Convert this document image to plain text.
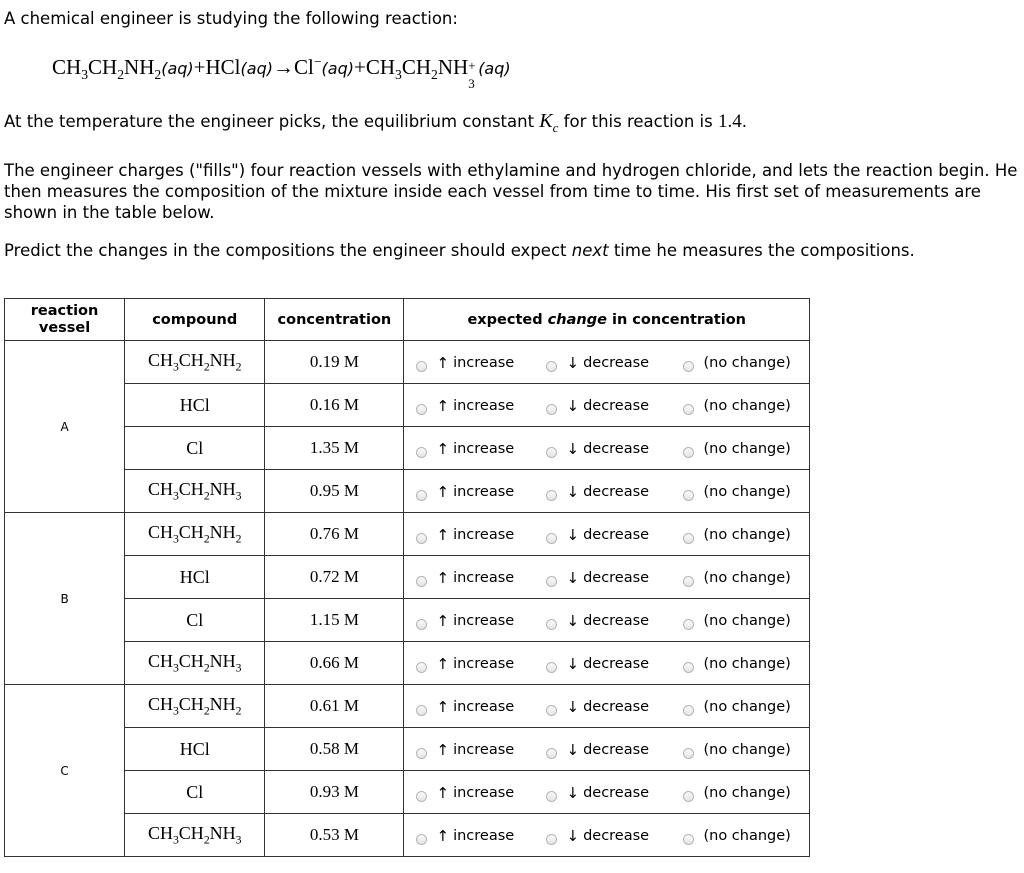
A chemical engineer is studying the following reaction:

$CH_3CH_2NH_2(aq)+HCl(aq)\to Cl^-(aq)+CH_3CH_2NH$ +
3
(aq)

At the temperature the engineer picks, the equilibrium constant $K_c$ for this reaction is 1.4.

The engineer charges ("fills") four reaction vessels with ethylamine and hydrogen chloride, and lets the reaction begin. He then measures the composition of the mixture inside each vessel from time to time. His first set of measurements are shown in the table below.

Predict the changes in the compositions the engineer should expect next time he measures the compositions.

reaction vessel	compound	concentration	expected change in concentration
A	$CH_3CH_2NH_2$	0.19 M	↑ increase ↓ decrease (no change)

	HCl	0.16 M	↑ increase ↓ decrease (no change)

	Cl	1.35 M	↑ increase ↓ decrease (no change)

	$CH_3CH_2NH_3$	0.95 M	↑ increase ↓ decrease (no change)

B	$CH_3CH_2NH_2$	0.76 M	↑ increase ↓ decrease (no change)

	HCl	0.72 M	↑ increase ↓ decrease (no change)

	Cl	1.15 M	↑ increase ↓ decrease (no change)

	$CH_3CH_2NH_3$	0.66 M	↑ increase ↓ decrease (no change)

C	$CH_3CH_2NH_2$	0.61 M	↑ increase ↓ decrease (no change)

	HCl	0.58 M	↑ increase ↓ decrease (no change)

	Cl	0.93 M	↑ increase ↓ decrease (no change)

	$CH_3CH_2NH_3$	0.53 M	↑ increase ↓ decrease (no change)
